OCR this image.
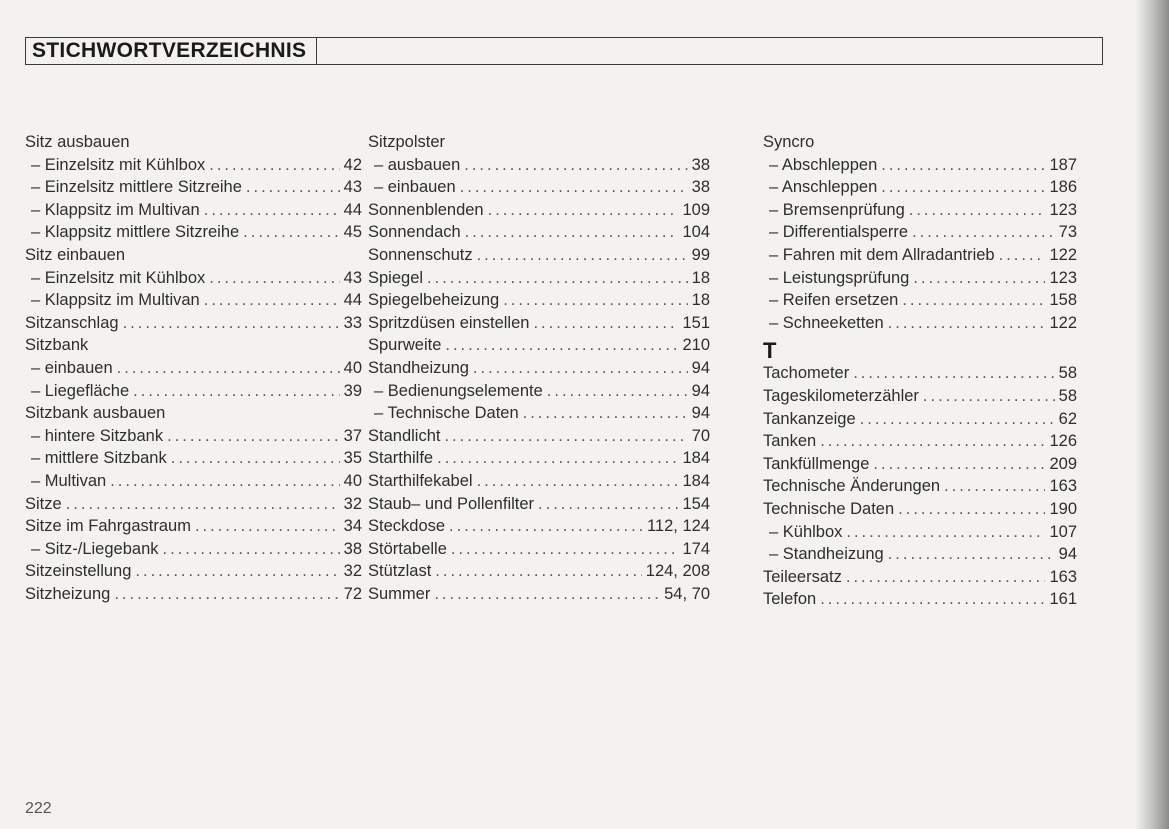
STICHWORTVERZEICHNIS
Sitz ausbauen
– Einzelsitz mit Kühlbox .....	42
– Einzelsitz mittlere Sitzreihe .....	43
– Klappsitz im Multivan .....	44
– Klappsitz mittlere Sitzreihe .....	45
Sitz einbauen
– Einzelsitz mit Kühlbox .....	43
– Klappsitz im Multivan .....	44
Sitzanschlag .....	33
Sitzbank
– einbauen .....	40
– Liegefläche .....	39
Sitzbank ausbauen
– hintere Sitzbank .....	37
– mittlere Sitzbank .....	35
– Multivan .....	40
Sitze .....	32
Sitze im Fahrgastraum .....	34
– Sitz-/Liegebank .....	38
Sitzeinstellung .....	32
Sitzheizung .....	72
Sitzpolster
– ausbauen .....	38
– einbauen .....	38
Sonnenblenden .....	109
Sonnendach .....	104
Sonnenschutz .....	99
Spiegel .....	18
Spiegelbeheizung .....	18
Spritzdüsen einstellen .....	151
Spurweite .....	210
Standheizung .....	94
– Bedienungselemente .....	94
– Technische Daten .....	94
Standlicht .....	70
Starthilfe .....	184
Starthilfekabel .....	184
Staub– und Pollenfilter .....	154
Steckdose .....	112, 124
Störtabelle .....	174
Stützlast .....	124, 208
Summer .....	54, 70
Syncro
– Abschleppen .....	187
– Anschleppen .....	186
– Bremsenprüfung .....	123
– Differentialsperre .....	73
– Fahren mit dem Allradantrieb .....	122
– Leistungsprüfung .....	123
– Reifen ersetzen .....	158
– Schneeketten .....	122
T
Tachometer .....	58
Tageskilometerzähler .....	58
Tankanzeige .....	62
Tanken .....	126
Tankfüllmenge .....	209
Technische Änderungen .....	163
Technische Daten .....	190
– Kühlbox .....	107
– Standheizung .....	94
Teileersatz .....	163
Telefon .....	161
222
